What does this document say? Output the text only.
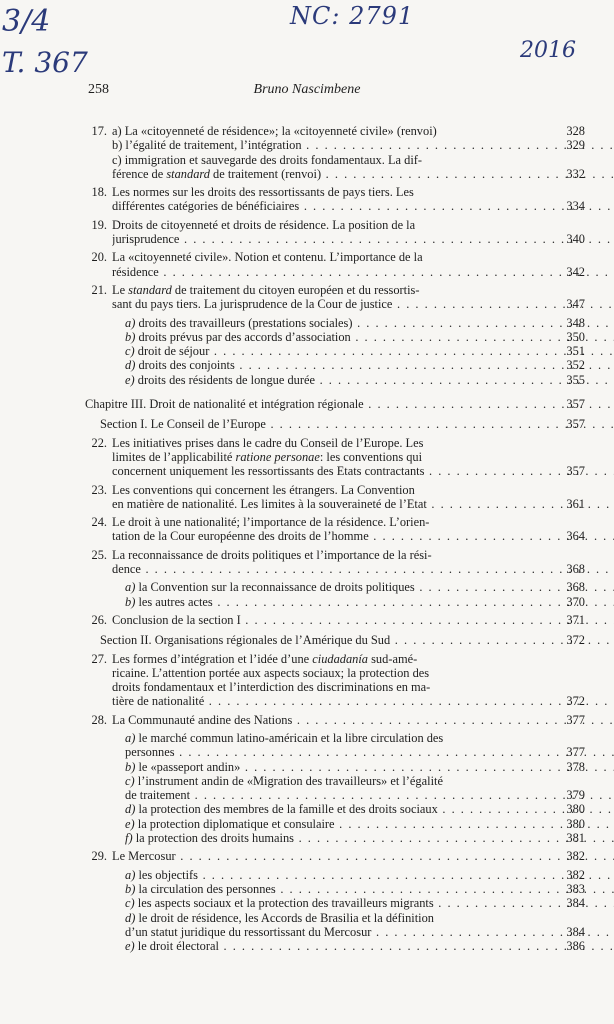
3/4
T. 367
NC: 2791
2016
258	Bruno Nascimbene
17. a) La «citoyenneté de résidence»; la «citoyenneté civile» (renvoi)	328
b) l’égalité de traitement, l’intégration . . .	329
c) immigration et sauvegarde des droits fondamentaux. La dif-
férence de standard de traitement (renvoi) . . .	332
18. Les normes sur les droits des ressortissants de pays tiers. Les
différentes catégories de bénéficiaires . . .	334
19. Droits de citoyenneté et droits de résidence. La position de la
jurisprudence . . .	340
20. La «citoyenneté civile». Notion et contenu. L’importance de la
résidence . . .	342
21. Le standard de traitement du citoyen européen et du ressortis-
sant du pays tiers. La jurisprudence de la Cour de justice . . .	347
a) droits des travailleurs (prestations sociales) . . .	348
b) droits prévus par des accords d’association . . .	350
c) droit de séjour . . .	351
d) droits des conjoints . . .	352
e) droits des résidents de longue durée . . .	355
Chapitre III. Droit de nationalité et intégration régionale . . .	357
Section I. Le Conseil de l’Europe . . .	357
22. Les initiatives prises dans le cadre du Conseil de l’Europe. Les
limites de l’applicabilité ratione personae: les conventions qui
concernent uniquement les ressortissants des Etats contractants . . .	357
23. Les conventions qui concernent les étrangers. La Convention
en matière de nationalité. Les limites à la souveraineté de l’Etat . . .	361
24. Le droit à une nationalité; l’importance de la résidence. L’orien-
tation de la Cour européenne des droits de l’homme . . .	364
25. La reconnaissance de droits politiques et l’importance de la rési-
dence . . .	368
a) la Convention sur la reconnaissance de droits politiques . . .	368
b) les autres actes . . .	370
26. Conclusion de la section I . . .	371
Section II. Organisations régionales de l’Amérique du Sud . . .	372
27. Les formes d’intégration et l’idée d’une ciudadanía sud-amé-
ricaine. L’attention portée aux aspects sociaux; la protection des
droits fondamentaux et l’interdiction des discriminations en ma-
tière de nationalité . . .	372
28. La Communauté andine des Nations . . .	377
a) le marché commun latino-américain et la libre circulation des
personnes . . .	377
b) le «passeport andin» . . .	378
c) l’instrument andin de «Migration des travailleurs» et l’égalité
de traitement . . .	379
d) la protection des membres de la famille et des droits sociaux . . .	380
e) la protection diplomatique et consulaire . . .	380
f) la protection des droits humains . . .	381
29. Le Mercosur . . .	382
a) les objectifs . . .	382
b) la circulation des personnes . . .	383
c) les aspects sociaux et la protection des travailleurs migrants . . .	384
d) le droit de résidence, les Accords de Brasilia et la définition
d’un statut juridique du ressortissant du Mercosur . . .	384
e) le droit électoral . . .	386
